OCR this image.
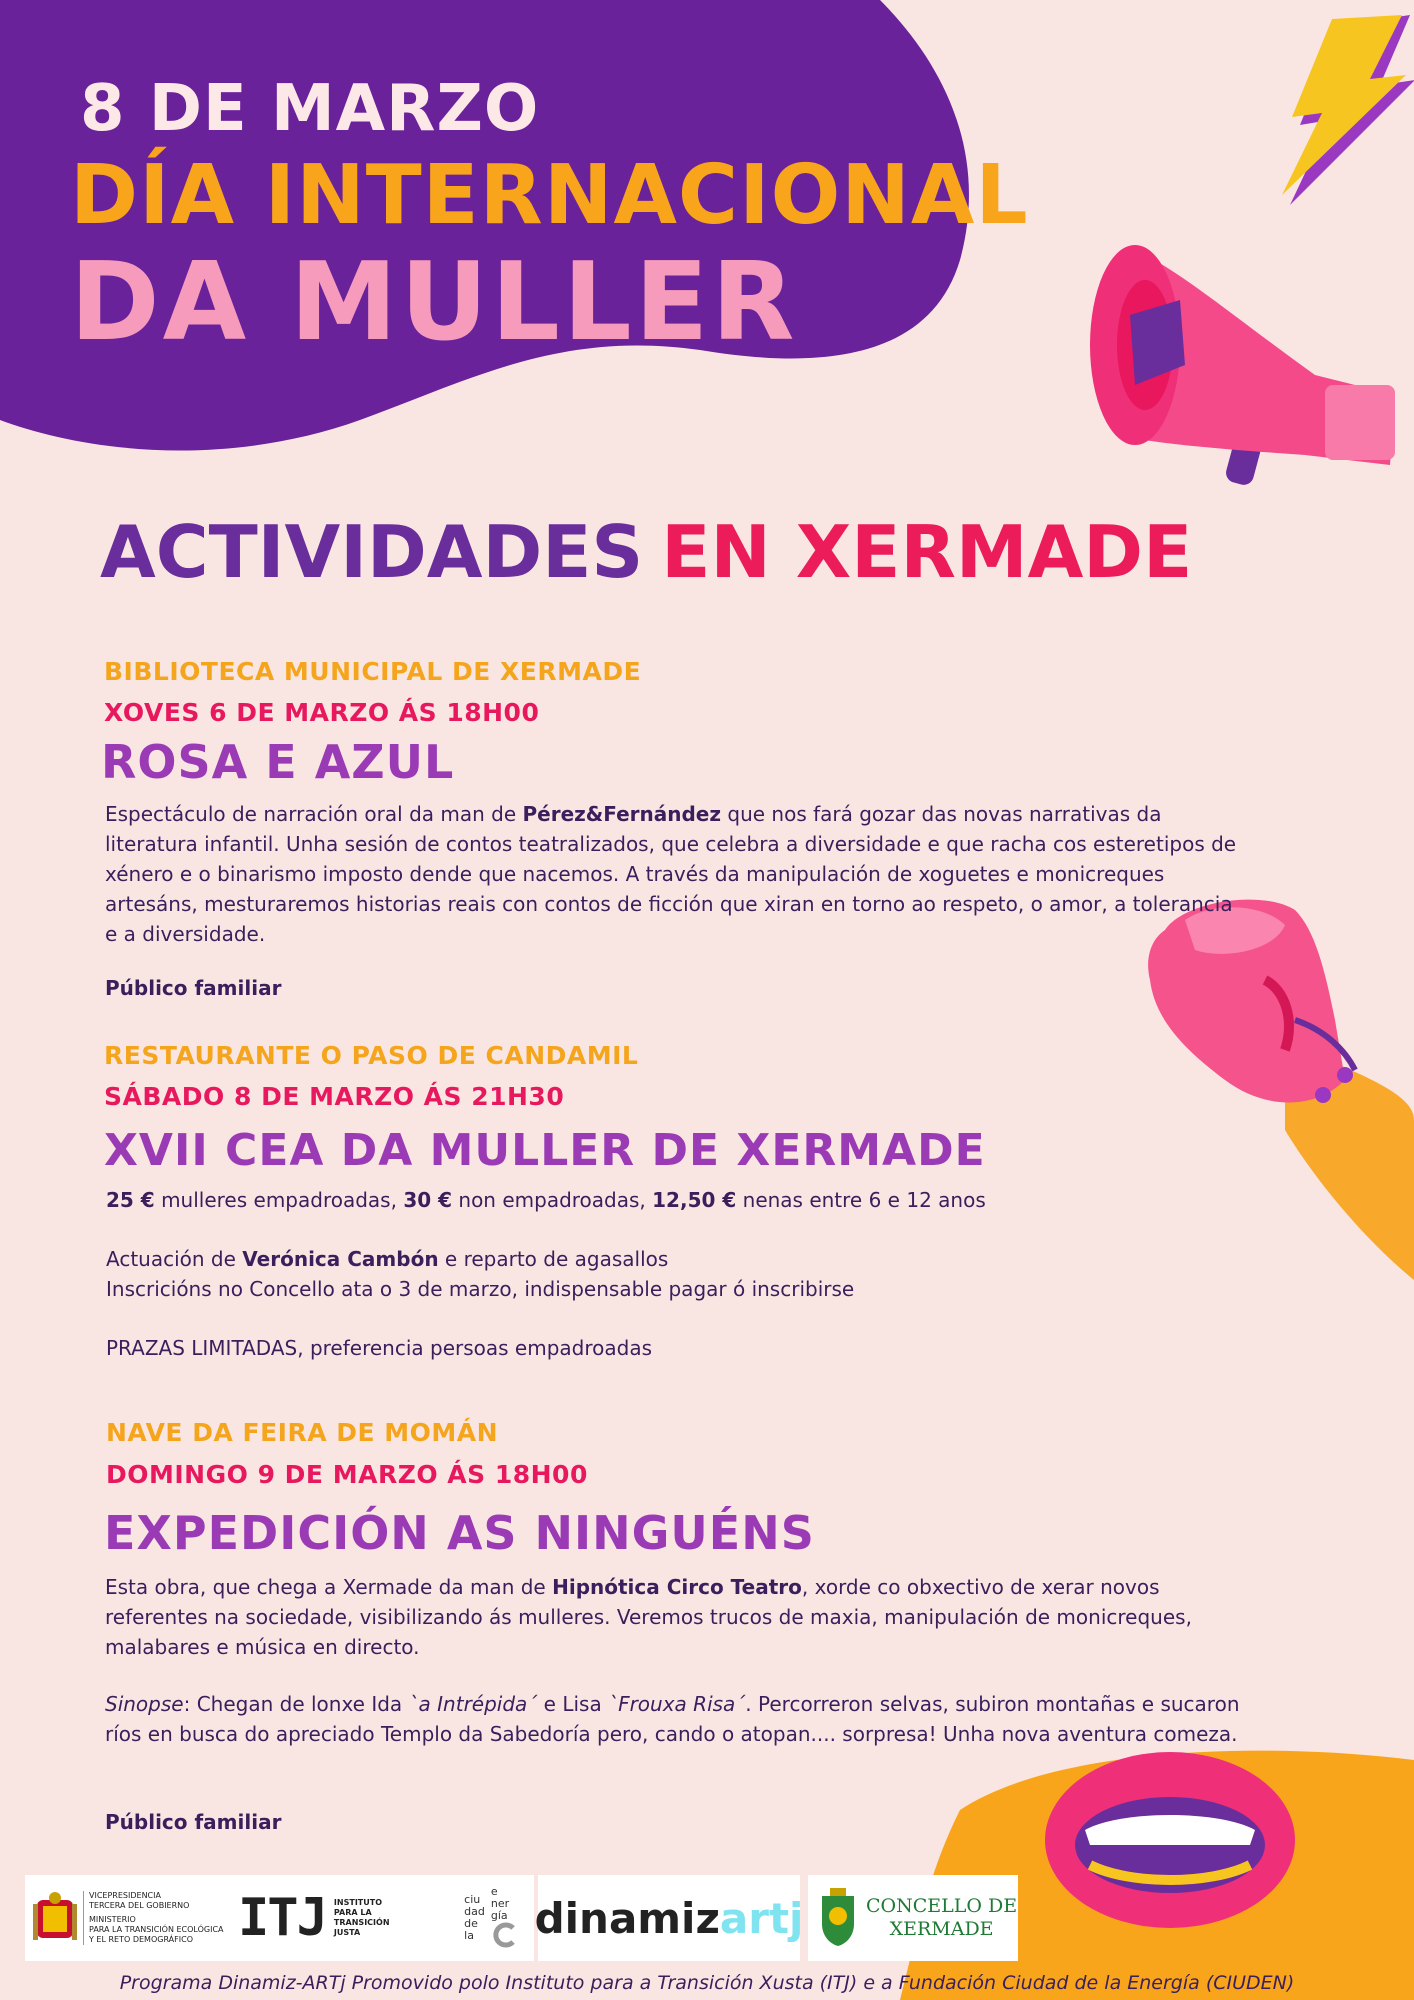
8 DE MARZO
DÍA INTERNACIONAL
DA MULLER
ACTIVIDADES EN XERMADE
BIBLIOTECA MUNICIPAL DE XERMADE
XOVES 6 DE MARZO ÁS 18H00
ROSA E AZUL
Espectáculo de narración oral da man de Pérez&Fernández que nos fará gozar das novas narrativas da literatura infantil. Unha sesión de contos teatralizados, que celebra a diversidade e que racha cos esteretipos de xénero e o binarismo imposto dende que nacemos. A través da manipulación de xoguetes e monicreques artesáns, mesturaremos historias reais con contos de ficción que xiran en torno ao respeto, o amor, a tolerancia e a diversidade.
Público familiar
RESTAURANTE O PASO DE CANDAMIL
SÁBADO 8 DE MARZO ÁS 21H30
XVII CEA DA MULLER DE XERMADE
25 € mulleres empadroadas, 30 € non empadroadas, 12,50 € nenas entre 6 e 12 anos
Actuación de Verónica Cambón e reparto de agasallos
Inscricións no Concello ata o 3 de marzo, indispensable pagar ó inscribirse
PRAZAS LIMITADAS, preferencia persoas empadroadas
NAVE DA FEIRA DE MOMÁN
DOMINGO 9 DE MARZO ÁS 18H00
EXPEDICIÓN AS NINGUÉNS
Esta obra, que chega a Xermade da man de Hipnótica Circo Teatro, xorde co obxectivo de xerar novos referentes na sociedade, visibilizando ás mulleres. Veremos trucos de maxia, manipulación de monicreques, malabares e música en directo.
Sinopse: Chegan de lonxe Ida `a Intrépida´ e Lisa `Frouxa Risa´. Percorreron selvas, subiron montañas e sucaron ríos en busca do apreciado Templo da Sabedoría pero, cando o atopan.... sorpresa! Unha nova aventura comeza.
Público familiar
VICEPRESIDENCIA
TERCERA DEL GOBIERNO
MINISTERIO
PARA LA TRANSICIÓN ECOLÓGICA
Y EL RETO DEMOGRÁFICO ITJ INSTITUTO
PARA LA
TRANSICIÓN
JUSTA
ciu
dad
de
la
e
ner
gía dinamiz artj	CONCELLO DE
XERMADE
Programa Dinamiz-ARTj Promovido polo Instituto para a Transición Xusta (ITJ) e a Fundación Ciudad de la Energía (CIUDEN)
